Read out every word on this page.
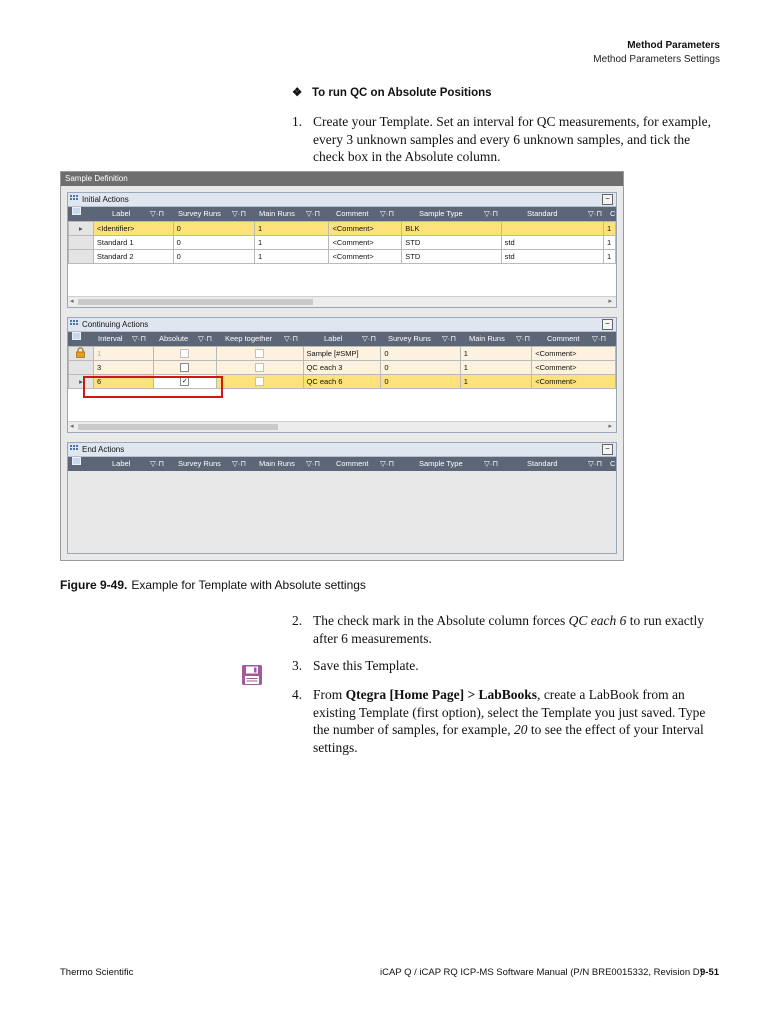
Method Parameters
Method Parameters Settings
❖ To run QC on Absolute Positions
1. Create your Template. Set an interval for QC measurements, for example, every 3 unknown samples and every 6 unknown samples, and tick the check box in the Absolute column.
Sample Definition
Initial Actions	−
Label	▽·⊓ Survey Runs ▽·⊓ Main Runs ▽·⊓ Comment ▽·⊓	Sample Type	▽·⊓	Standard	▽·⊓ C
▸	<Identifier>	0	1	<Comment>	BLK		1
	Standard 1	0	1	<Comment>	STD	std	1
	Standard 2	0	1	<Comment>	STD	std	1
◂	▸
Continuing Actions	−
Interval ▽·⊓ Absolute ▽·⊓ Keep together ▽·⊓	Label	▽·⊓ Survey Runs ▽·⊓ Main Runs ▽·⊓ Comment ▽·⊓
	1			Sample [#SMP]	0	1	<Comment>
	3			QC each 3	0	1	<Comment>
▸	6	✓		QC each 6	0	1	<Comment>
◂	▸
End Actions	−
Label	▽·⊓ Survey Runs ▽·⊓ Main Runs ▽·⊓ Comment ▽·⊓	Sample Type	▽·⊓	Standard	▽·⊓ C
Figure 9-49. Example for Template with Absolute settings
2. The check mark in the Absolute column forces QC each 6 to run exactly after 6 measurements.
3. Save this Template.
4. From Qtegra [Home Page] > LabBooks, create a LabBook from an existing Template (first option), select the Template you just saved. Type the number of samples, for example, 20 to see the effect of your Interval settings.
Thermo Scientific	iCAP Q / iCAP RQ ICP-MS Software Manual (P/N BRE0015332, Revision D)
9-51
